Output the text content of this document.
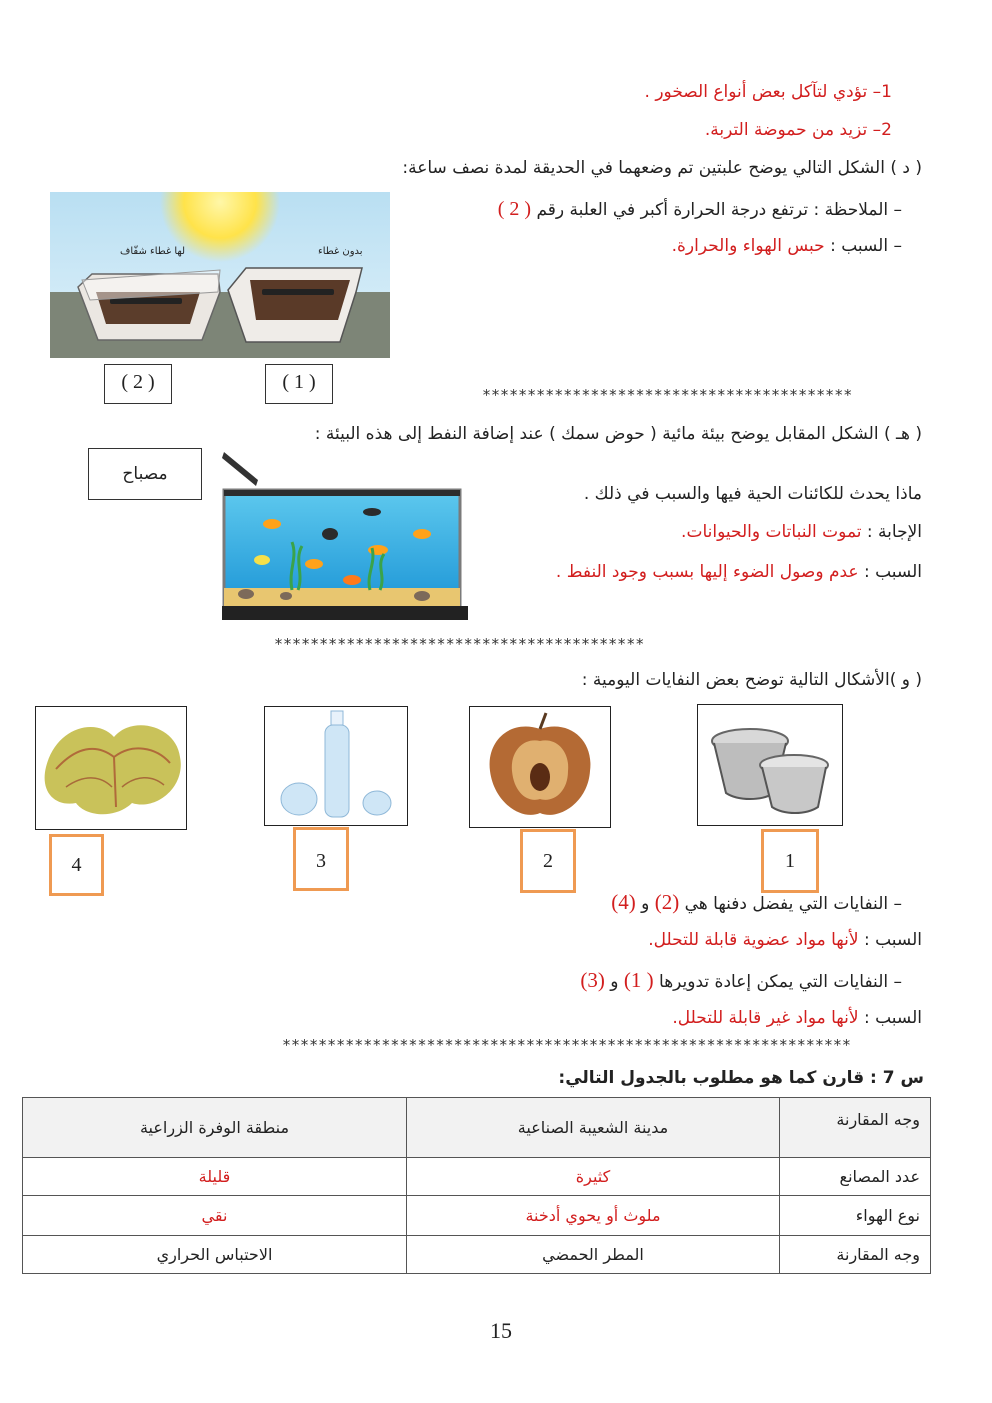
1– تؤدي لتآكل بعض أنواع الصخور .
2– تزيد من حموضة التربة.
( د ) الشكل التالي يوضح علبتين تم وضعهما في الحديقة لمدة نصف ساعة:
– الملاحظة : ترتفع درجة الحرارة أكبر في العلبة رقم ( 2 )
– السبب : حبس الهواء والحرارة.
لها غطاء شفّاف	بدون غطاء
( 2 )	( 1 )
*****************************************
( هـ ) الشكل المقابل يوضح بيئة مائية ( حوض سمك ) عند إضافة النفط إلى هذه البيئة :
مصباح
ماذا يحدث للكائنات الحية فيها والسبب في ذلك .
الإجابة : تموت النباتات والحيوانات.
السبب : عدم وصول الضوء إليها بسبب وجود النفط .
*****************************************
( و )الأشكال التالية توضح بعض النفايات اليومية :
4	3	2	1
– النفايات التي يفضل دفنها هي (2) و (4)
السبب : لأنها مواد عضوية قابلة للتحلل.
– النفايات التي يمكن إعادة تدويرها ( 1) و (3)
السبب : لأنها مواد غير قابلة للتحلل.
***************************************************************
س 7 : قارن كما هو مطلوب بالجدول التالي:
وجه المقارنة	مدينة الشعيبة الصناعية	منطقة الوفرة الزراعية
عدد المصانع	كثيرة	قليلة
نوع الهواء	ملوث أو يحوي أدخنة	نقي
وجه المقارنة	المطر الحمضي	الاحتباس الحراري
15
